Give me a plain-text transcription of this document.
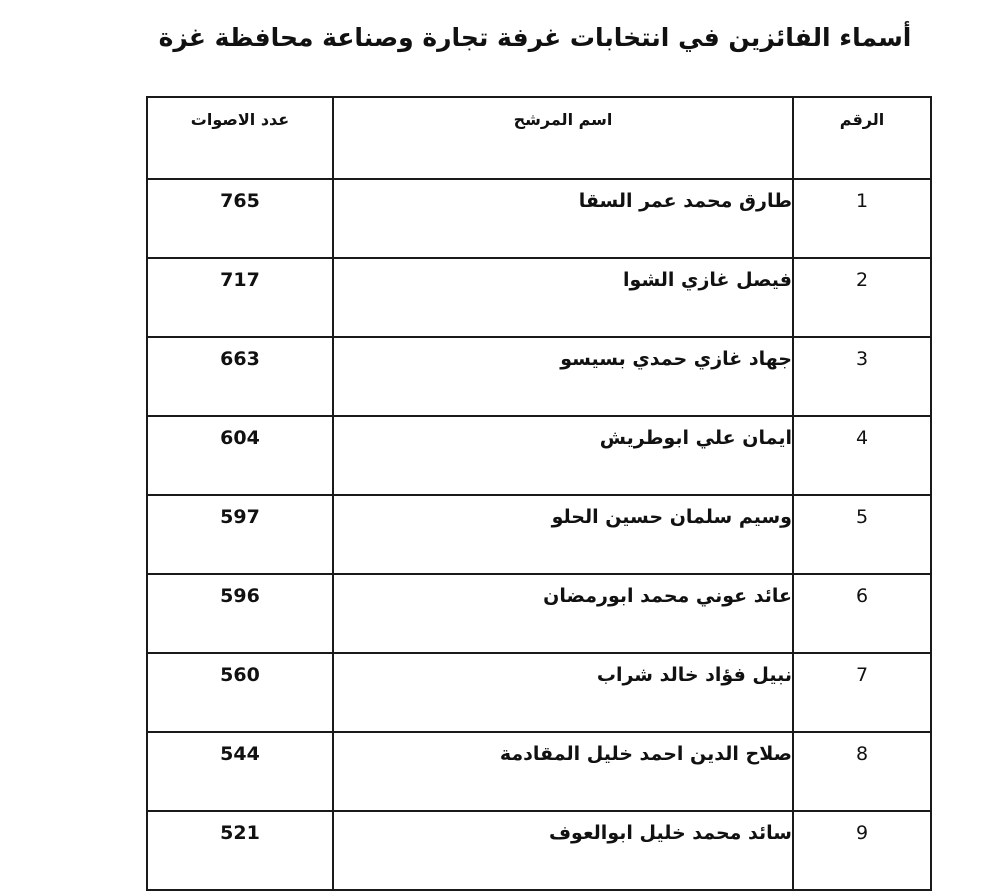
أسماء الفائزين في انتخابات غرفة تجارة وصناعة محافظة غزة
الرقم	اسم المرشح	عدد الاصوات
1	طارق محمد عمر السقا	765
2	فيصل غازي الشوا	717
3	جهاد غازي حمدي بسيسو	663
4	ايمان علي ابوطريش	604
5	وسيم سلمان حسين الحلو	597
6	عائد عوني محمد ابورمضان	596
7	نبيل فؤاد خالد شراب	560
8	صلاح الدين احمد خليل المقادمة	544
9	سائد محمد خليل ابوالعوف	521
